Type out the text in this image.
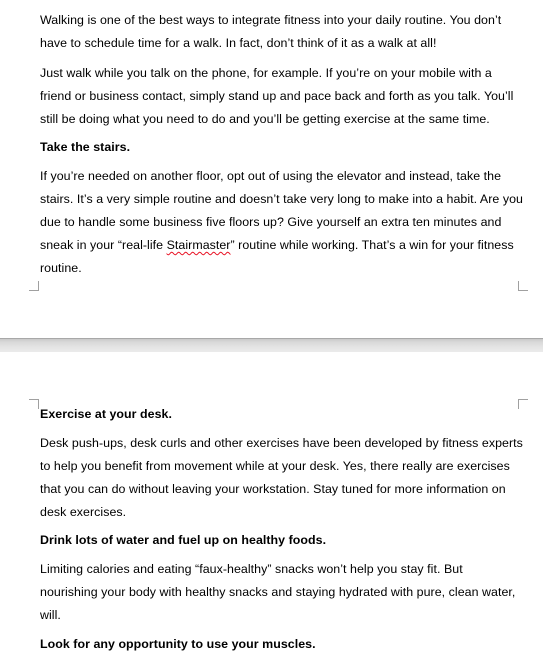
Walking is one of the best ways to integrate fitness into your daily routine. You don’t
have to schedule time for a walk. In fact, don’t think of it as a walk at all!
Just walk while you talk on the phone, for example. If you’re on your mobile with a
friend or business contact, simply stand up and pace back and forth as you talk. You’ll
still be doing what you need to do and you’ll be getting exercise at the same time.
Take the stairs.
If you’re needed on another floor, opt out of using the elevator and instead, take the
stairs. It’s a very simple routine and doesn’t take very long to make into a habit. Are you
due to handle some business five floors up? Give yourself an extra ten minutes and
sneak in your “real-life Stairmaster” routine while working. That’s a win for your fitness
routine.
Exercise at your desk.
Desk push-ups, desk curls and other exercises have been developed by fitness experts
to help you benefit from movement while at your desk. Yes, there really are exercises
that you can do without leaving your workstation. Stay tuned for more information on
desk exercises.
Drink lots of water and fuel up on healthy foods.
Limiting calories and eating “faux-healthy” snacks won’t help you stay fit. But
nourishing your body with healthy snacks and staying hydrated with pure, clean water,
will.
Look for any opportunity to use your muscles.
